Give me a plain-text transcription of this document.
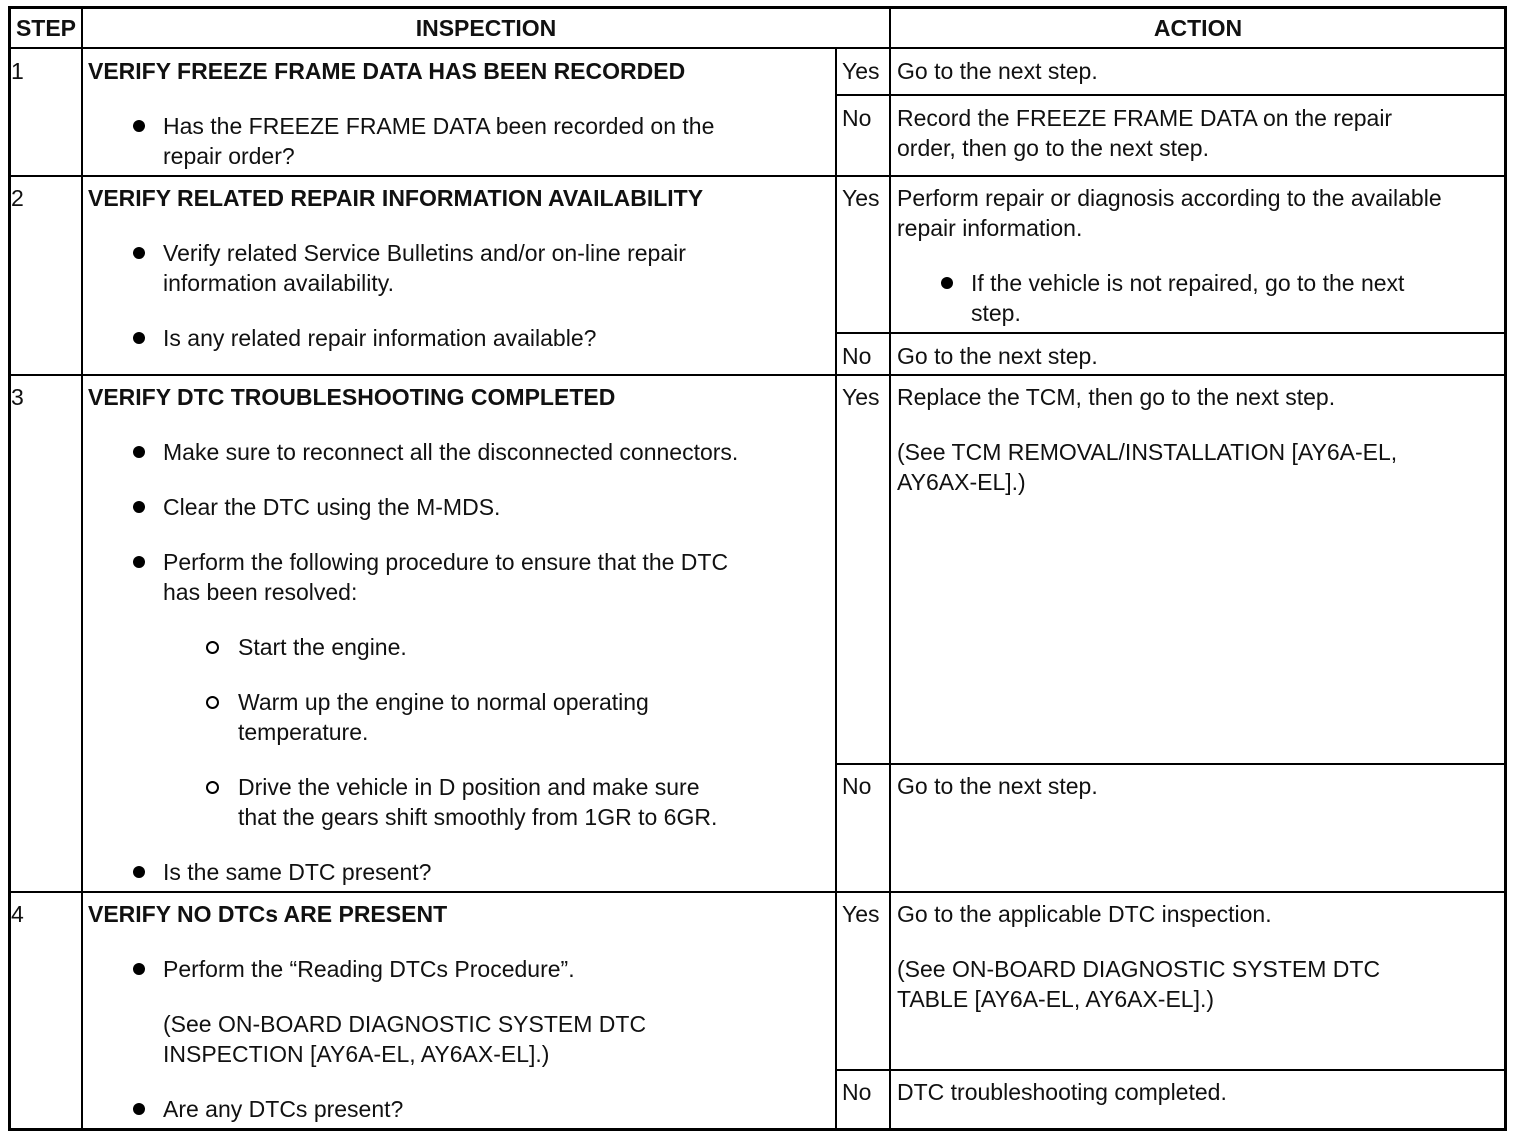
STEP	INSPECTION	ACTION
1	VERIFY FREEZE FRAME DATA HAS BEEN RECORDED
Has the FREEZE FRAME DATA been recorded on the
repair order?
Yes Go to the next step.
No Record the FREEZE FRAME DATA on the repair
order, then go to the next step.
2	VERIFY RELATED REPAIR INFORMATION AVAILABILITY
Verify related Service Bulletins and/or on-line repair
information availability.
Is any related repair information available?
Yes Perform repair or diagnosis according to the available
repair information.
If the vehicle is not repaired, go to the next
step.
No Go to the next step.
3	VERIFY DTC TROUBLESHOOTING COMPLETED
Make sure to reconnect all the disconnected connectors.
Clear the DTC using the M-MDS.
Perform the following procedure to ensure that the DTC
has been resolved:
Start the engine.
Warm up the engine to normal operating
temperature.
Drive the vehicle in D position and make sure
that the gears shift smoothly from 1GR to 6GR.
Is the same DTC present?
Yes Replace the TCM, then go to the next step.
(See TCM REMOVAL/INSTALLATION [AY6A-EL,
AY6AX-EL].)
No Go to the next step.
4	VERIFY NO DTCs ARE PRESENT
Perform the “Reading DTCs Procedure”.
(See ON-BOARD DIAGNOSTIC SYSTEM DTC
INSPECTION [AY6A-EL, AY6AX-EL].)
Are any DTCs present?
Yes Go to the applicable DTC inspection.
(See ON-BOARD DIAGNOSTIC SYSTEM DTC
TABLE [AY6A-EL, AY6AX-EL].)
No DTC troubleshooting completed.
